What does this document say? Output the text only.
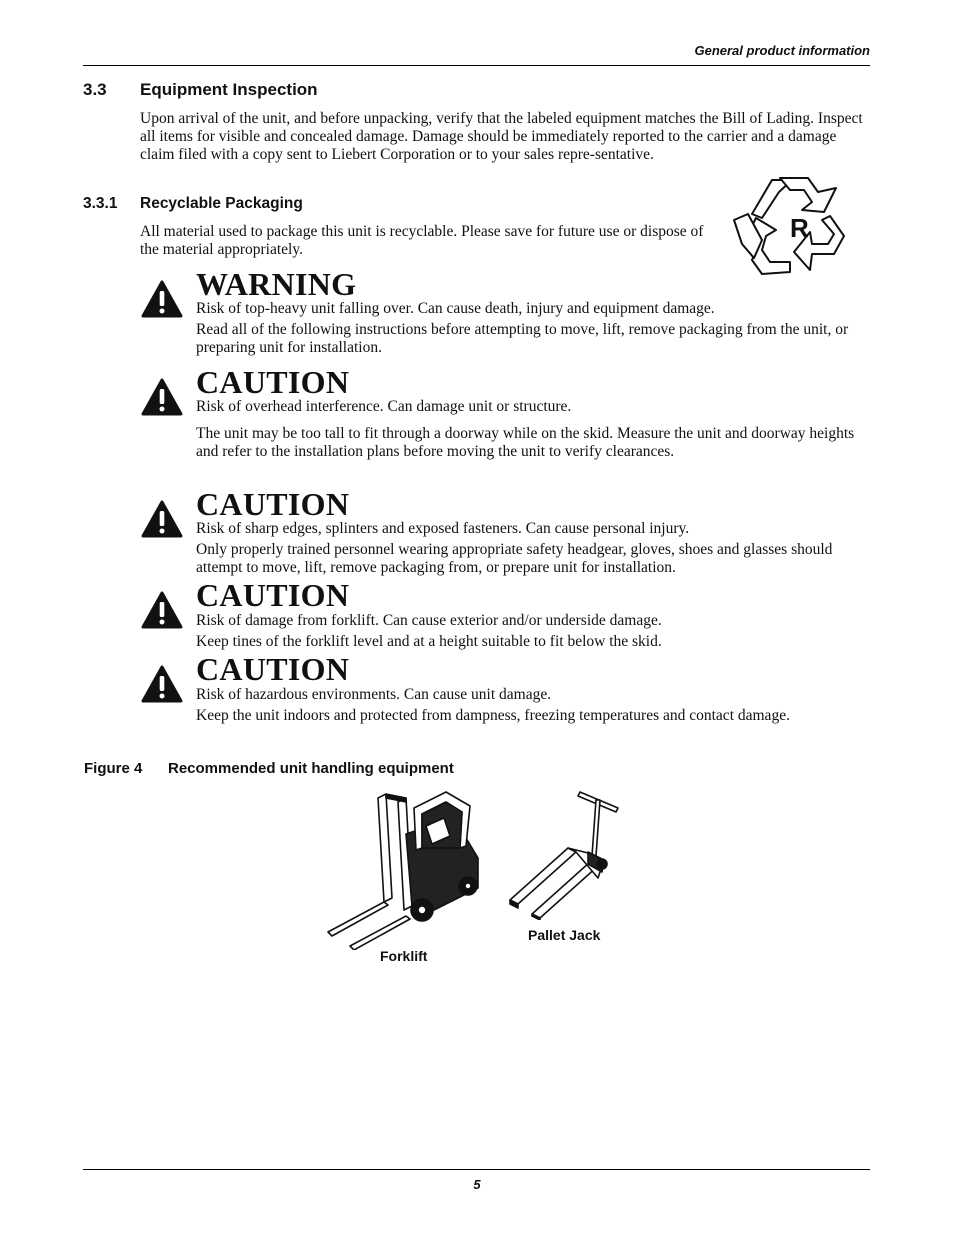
General product information
3.3 Equipment Inspection
Upon arrival of the unit, and before unpacking, verify that the labeled equipment matches the Bill of Lading. Inspect all items for visible and concealed damage. Damage should be immediately reported to the carrier and a damage claim filed with a copy sent to Liebert Corporation or to your sales repre-sentative.
3.3.1 Recyclable Packaging
All material used to package this unit is recyclable. Please save for future use or dispose of the material appropriately.
R
WARNING

Risk of top-heavy unit falling over. Can cause death, injury and equipment damage.

Read all of the following instructions before attempting to move, lift, remove packaging from the unit, or preparing unit for installation.

CAUTION

Risk of overhead interference. Can damage unit or structure.

The unit may be too tall to fit through a doorway while on the skid. Measure the unit and doorway heights and refer to the installation plans before moving the unit to verify clearances.

CAUTION

Risk of sharp edges, splinters and exposed fasteners. Can cause personal injury.

Only properly trained personnel wearing appropriate safety headgear, gloves, shoes and glasses should attempt to move, lift, remove packaging from, or prepare unit for installation.

CAUTION

Risk of damage from forklift. Can cause exterior and/or underside damage.

Keep tines of the forklift level and at a height suitable to fit below the skid.

CAUTION

Risk of hazardous environments. Can cause unit damage.

Keep the unit indoors and protected from dampness, freezing temperatures and contact damage.

Figure 4 Recommended unit handling equipment
Forklift
Pallet Jack
5
